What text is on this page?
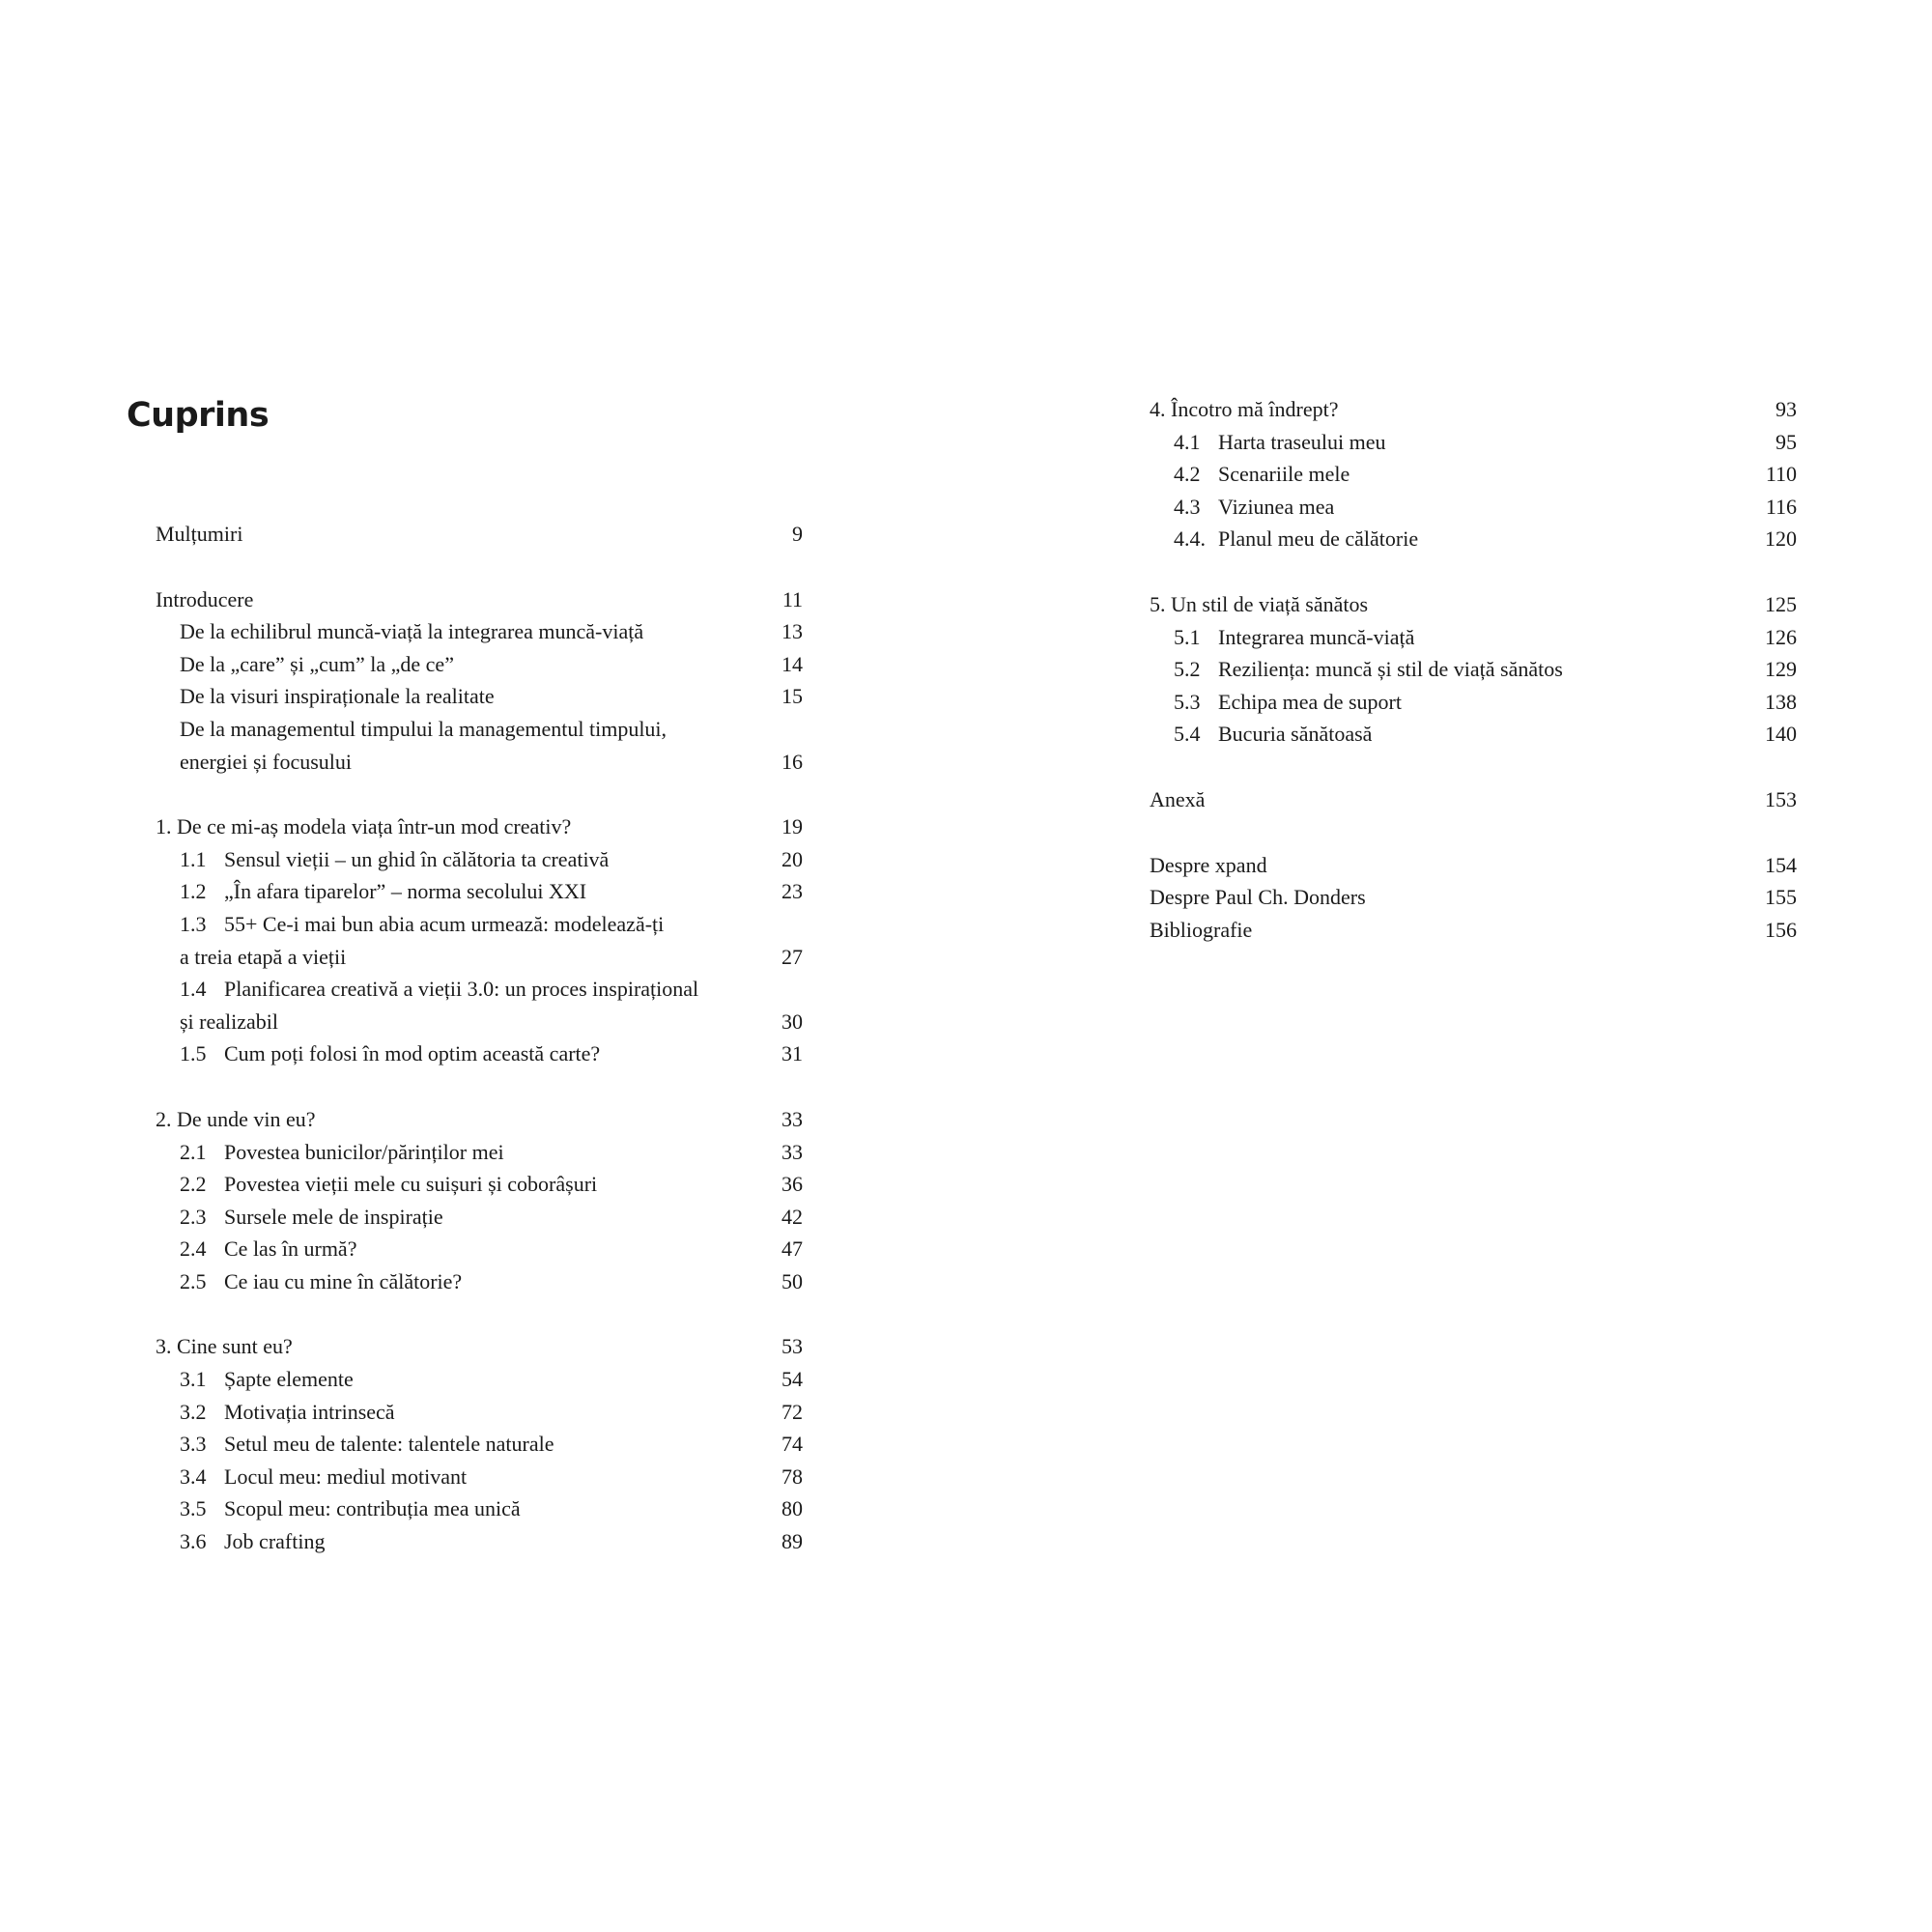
Cuprins
Mulțumiri	9
Introducere	11
De la echilibrul muncă-viață la integrarea muncă-viață	13
De la „care” și „cum” la „de ce”	14
De la visuri inspiraționale la realitate	15
De la managementul timpului la managementul timpului,
energiei și focusului	16
1. De ce mi-aș modela viața într-un mod creativ?	19
1.1 Sensul vieții – un ghid în călătoria ta creativă	20
1.2 „În afara tiparelor” – norma secolului XXI	23
1.3 55+ Ce-i mai bun abia acum urmează: modelează-ți
a treia etapă a vieții	27
1.4 Planificarea creativă a vieții 3.0: un proces inspirațional
și realizabil	30
1.5 Cum poți folosi în mod optim această carte?	31
2. De unde vin eu?	33
2.1 Povestea bunicilor/părinților mei	33
2.2 Povestea vieții mele cu suișuri și coborâșuri	36
2.3 Sursele mele de inspirație	42
2.4 Ce las în urmă?	47
2.5 Ce iau cu mine în călătorie?	50
3. Cine sunt eu?	53
3.1 Șapte elemente	54
3.2 Motivația intrinsecă	72
3.3 Setul meu de talente: talentele naturale	74
3.4 Locul meu: mediul motivant	78
3.5 Scopul meu: contribuția mea unică	80
3.6 Job crafting	89
4. Încotro mă îndrept?	93
4.1 Harta traseului meu	95
4.2 Scenariile mele	110
4.3 Viziunea mea	116
4.4. Planul meu de călătorie	120
5. Un stil de viață sănătos	125
5.1 Integrarea muncă-viață	126
5.2 Reziliența: muncă și stil de viață sănătos	129
5.3 Echipa mea de suport	138
5.4 Bucuria sănătoasă	140
Anexă	153
Despre xpand	154
Despre Paul Ch. Donders	155
Bibliografie	156
